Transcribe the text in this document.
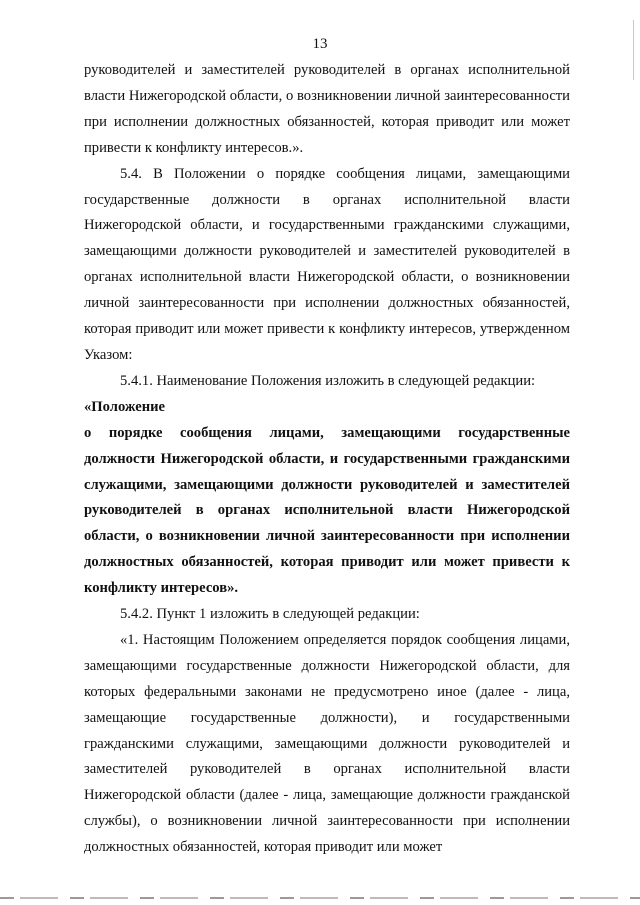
13

руководителей и заместителей руководителей в органах исполнительной власти Нижегородской области, о возникновении личной заинтересованности при исполнении должностных обязанностей, которая приводит или может привести к конфликту интересов.».

5.4. В Положении о порядке сообщения лицами, замещающими государственные должности в органах исполнительной власти Нижегородской области, и государственными гражданскими служащими, замещающими должности руководителей и заместителей руководителей в органах исполнительной власти Нижегородской области, о возникновении личной заинтересованности при исполнении должностных обязанностей, которая приводит или может привести к конфликту интересов, утвержденном Указом:

5.4.1. Наименование Положения изложить в следующей редакции:

«Положение

о порядке сообщения лицами, замещающими государственные должности Нижегородской области, и государственными гражданскими служащими, замещающими должности руководителей и заместителей руководителей в органах исполнительной власти Нижегородской области, о возникновении личной заинтересованности при исполнении должностных обязанностей, которая приводит или может привести к конфликту интересов».

5.4.2. Пункт 1 изложить в следующей редакции:

«1. Настоящим Положением определяется порядок сообщения лицами, замещающими государственные должности Нижегородской области, для которых федеральными законами не предусмотрено иное (далее - лица, замещающие государственные должности), и государственными гражданскими служащими, замещающими должности руководителей и заместителей руководителей в органах исполнительной власти Нижегородской области (далее - лица, замещающие должности гражданской службы), о возникновении личной заинтересованности при исполнении должностных обязанностей, которая приводит или может
